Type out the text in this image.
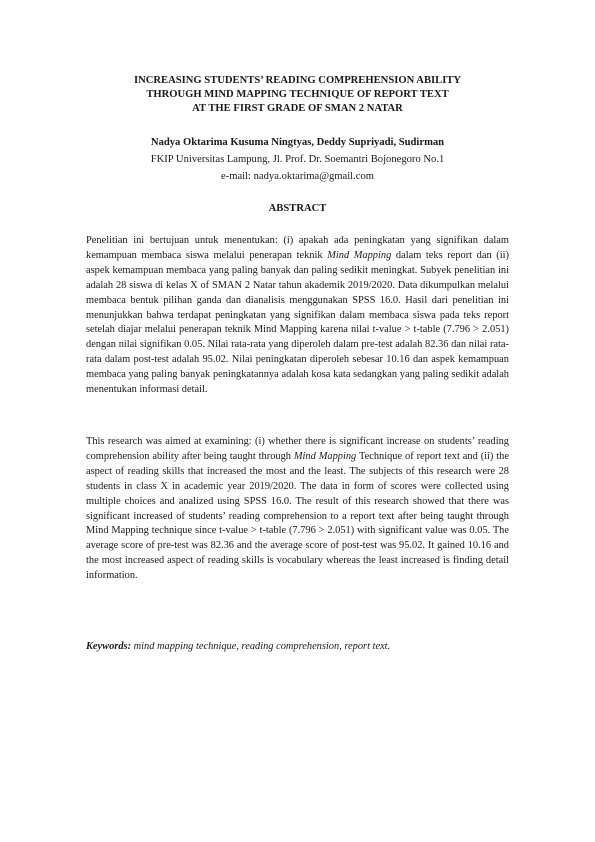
INCREASING STUDENTS’ READING COMPREHENSION ABILITY
THROUGH MIND MAPPING TECHNIQUE OF REPORT TEXT
AT THE FIRST GRADE OF SMAN 2 NATAR

Nadya Oktarima Kusuma Ningtyas, Deddy Supriyadi, Sudirman

FKIP Universitas Lampung, Jl. Prof. Dr. Soemantri Bojonegoro No.1

e-mail: nadya.oktarima@gmail.com

ABSTRACT

Penelitian ini bertujuan untuk menentukan: (i) apakah ada peningkatan yang signifikan dalam kemampuan membaca siswa melalui penerapan teknik Mind Mapping dalam teks report dan (ii) aspek kemampuan membaca yang paling banyak dan paling sedikit meningkat. Subyek penelitian ini adalah 28 siswa di kelas X of SMAN 2 Natar tahun akademik 2019/2020. Data dikumpulkan melalui membaca bentuk pilihan ganda dan dianalisis menggunakan SPSS 16.0. Hasil dari penelitian ini menunjukkan bahwa terdapat peningkatan yang signifikan dalam membaca siswa pada teks report setelah diajar melalui penerapan teknik Mind Mapping karena nilai t-value > t-table (7.796 > 2.051) dengan nilai signifikan 0.05. Nilai rata-rata yang diperoleh dalam pre-test adalah 82.36 dan nilai rata-rata dalam post-test adalah 95.02. Nilai peningkatan diperoleh sebesar 10.16 dan aspek kemampuan membaca yang paling banyak peningkatannya adalah kosa kata sedangkan yang paling sedikit adalah menentukan informasi detail.

This research was aimed at examining: (i) whether there is significant increase on students’ reading comprehension ability after being taught through Mind Mapping Technique of report text and (ii) the aspect of reading skills that increased the most and the least. The subjects of this research were 28 students in class X in academic year 2019/2020. The data in form of scores were collected using multiple choices and analized using SPSS 16.0. The result of this research showed that there was significant increased of students’ reading comprehension to a report text after being taught through Mind Mapping technique since t-value > t-table (7.796 > 2.051) with significant value was 0.05. The average score of pre-test was 82.36 and the average score of post-test was 95.02. It gained 10.16 and the most increased aspect of reading skills is vocabulary whereas the least increased is finding detail information.

Keywords: mind mapping technique, reading comprehension, report text.
